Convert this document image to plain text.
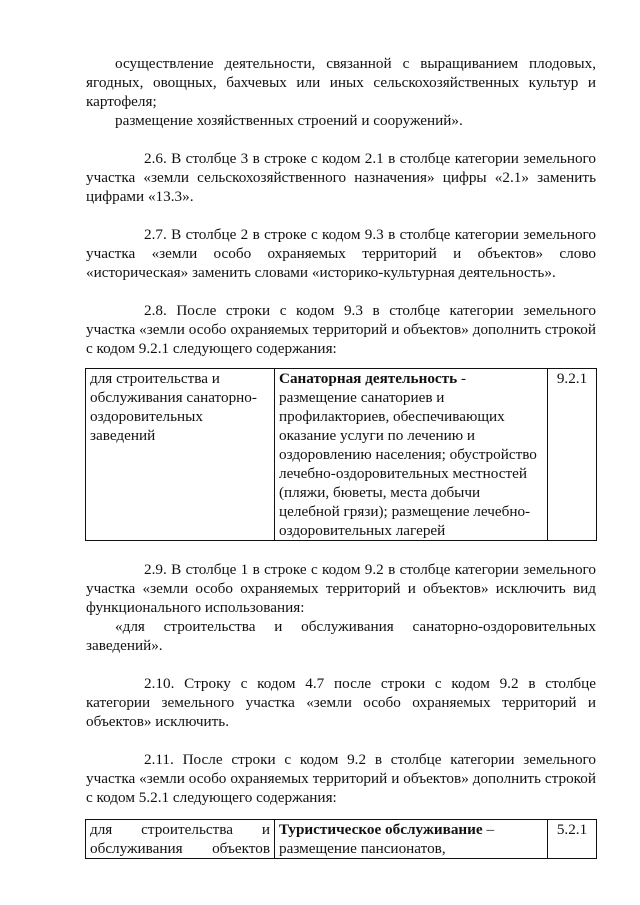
осуществление деятельности, связанной с выращиванием плодовых, ягодных, овощных, бахчевых или иных сельскохозяйственных культур и картофеля;

размещение хозяйственных строений и сооружений».

2.6. В столбце 3 в строке с кодом 2.1 в столбце категории земельного участка «земли сельскохозяйственного назначения» цифры «2.1» заменить цифрами «13.3».

2.7. В столбце 2 в строке с кодом 9.3 в столбце категории земельного участка «земли особо охраняемых территорий и объектов» слово «историческая» заменить словами «историко-культурная деятельность».

2.8. После строки с кодом 9.3 в столбце категории земельного участка «земли особо охраняемых территорий и объектов» дополнить строкой с кодом 9.2.1 следующего содержания:

для строительства и обслуживания санаторно-оздоровительных заведений	Санаторная деятельность - размещение санаториев и профилакториев, обеспечивающих оказание услуги по лечению и оздоровлению населения; обустройство лечебно-оздоровительных местностей (пляжи, бюветы, места добычи целебной грязи); размещение лечебно-оздоровительных лагерей	9.2.1

2.9. В столбце 1 в строке с кодом 9.2 в столбце категории земельного участка «земли особо охраняемых территорий и объектов» исключить вид функционального использования:

«для строительства и обслуживания санаторно-оздоровительных заведений».

2.10. Строку с кодом 4.7 после строки с кодом 9.2 в столбце категории земельного участка «земли особо охраняемых территорий и объектов» исключить.

2.11. После строки с кодом 9.2 в столбце категории земельного участка «земли особо охраняемых территорий и объектов» дополнить строкой с кодом 5.2.1 следующего содержания:

для строительства и обслуживания объектов	Туристическое обслуживание – размещение пансионатов,	5.2.1
